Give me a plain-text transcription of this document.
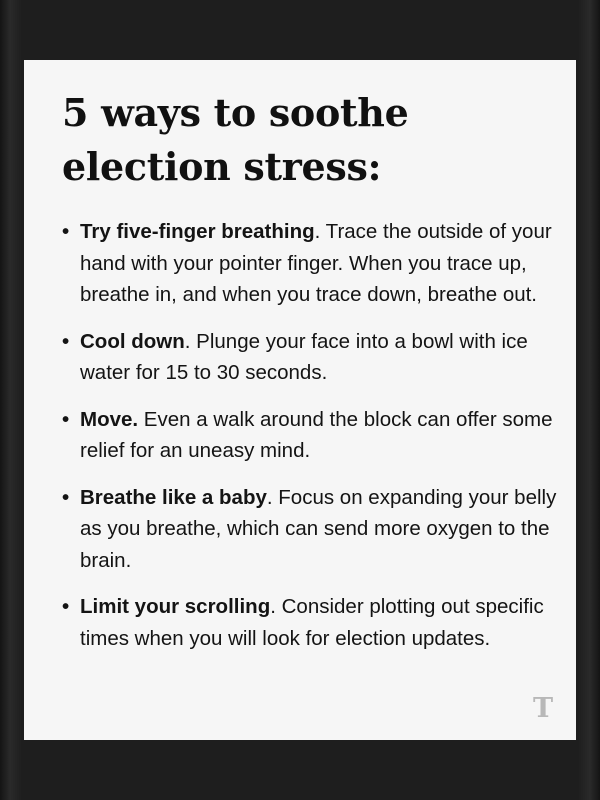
5 ways to soothe
election stress:
• Try five-finger breathing. Trace the outside of your hand with your pointer finger. When you trace up, breathe in, and when you trace down, breathe out.
• Cool down. Plunge your face into a bowl with ice water for 15 to 30 seconds.
• Move. Even a walk around the block can offer some relief for an uneasy mind.
• Breathe like a baby. Focus on expanding your belly as you breathe, which can send more oxygen to the brain.
• Limit your scrolling. Consider plotting out specific times when you will look for election updates.
T
